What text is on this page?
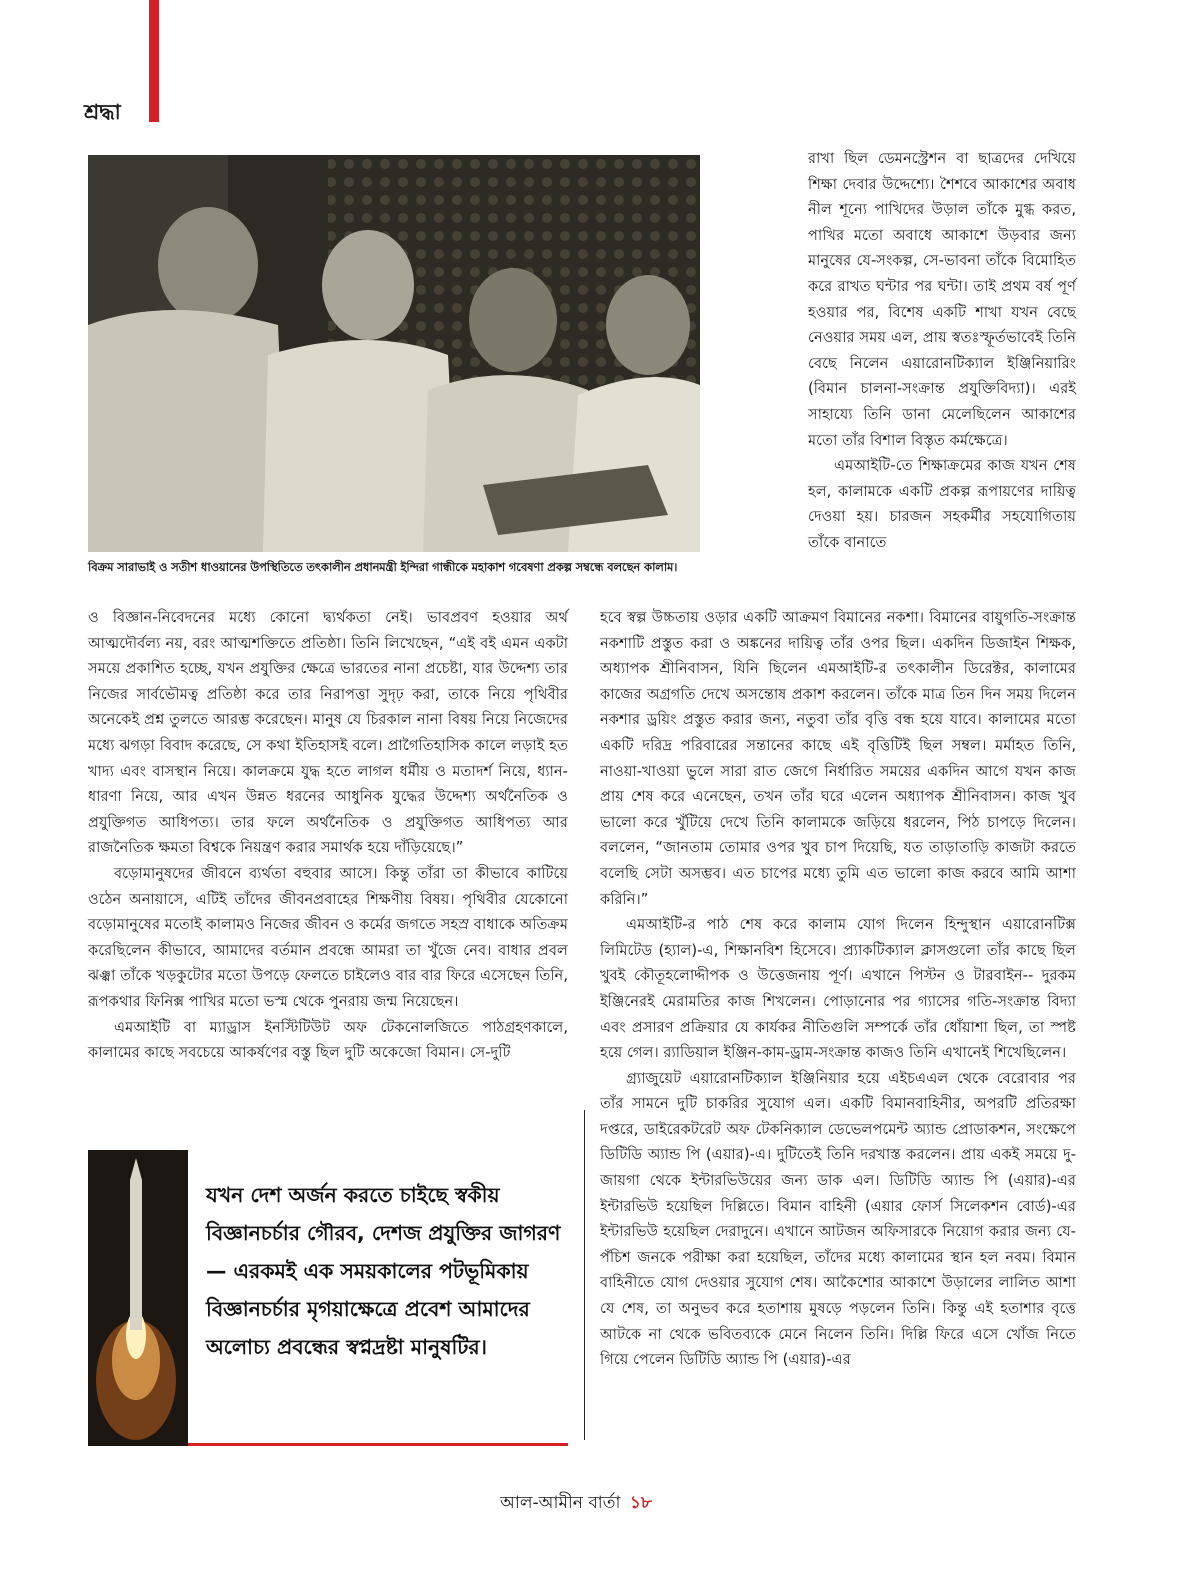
শ্রদ্ধা
বিক্রম সারাভাই ও সতীশ ধাওয়ানের উপস্থিতিতে তৎকালীন প্রধানমন্ত্রী ইন্দিরা গান্ধীকে মহাকাশ গবেষণা প্রকল্প সম্বন্ধে বলছেন কালাম।

রাখা ছিল ডেমনস্ট্রেশন বা ছাত্রদের দেখিয়ে শিক্ষা দেবার উদ্দেশ্যে। শৈশবে আকাশের অবাধ নীল শূন্যে পাখিদের উড়াল তাঁকে মুগ্ধ করত, পাখির মতো অবাধে আকাশে উড়বার জন্য মানুষের যে-সংকল্প, সে-ভাবনা তাঁকে বিমোহিত করে রাখত ঘন্টার পর ঘন্টা। তাই প্রথম বর্ষ পূর্ণ হওয়ার পর, বিশেষ একটি শাখা যখন বেছে নেওয়ার সময় এল, প্রায় স্বতঃস্ফূর্তভাবেই তিনি বেছে নিলেন এয়ারোনটিক্যাল ইঞ্জিনিয়ারিং (বিমান চালনা-সংক্রান্ত প্রযুক্তিবিদ্যা)। এরই সাহায্যে তিনি ডানা মেলেছিলেন আকাশের মতো তাঁর বিশাল বিস্তৃত কর্মক্ষেত্রে।

এমআইটি-তে শিক্ষাক্রমের কাজ যখন শেষ হল, কালামকে একটি প্রকল্প রূপায়ণের দায়িত্ব দেওয়া হয়। চারজন সহকর্মীর সহযোগিতায় তাঁকে বানাতে

ও বিজ্ঞান-নিবেদনের মধ্যে কোনো দ্ব্যর্থকতা নেই। ভাবপ্রবণ হওয়ার অর্থ আত্মদৌর্বল্য নয়, বরং আত্মশক্তিতে প্রতিষ্ঠা। তিনি লিখেছেন, “এই বই এমন একটা সময়ে প্রকাশিত হচ্ছে, যখন প্রযুক্তির ক্ষেত্রে ভারতের নানা প্রচেষ্টা, যার উদ্দেশ্য তার নিজের সার্বভৌমত্ব প্রতিষ্ঠা করে তার নিরাপত্তা সুদৃঢ় করা, তাকে নিয়ে পৃথিবীর অনেকেই প্রশ্ন তুলতে আরম্ভ করেছেন। মানুষ যে চিরকাল নানা বিষয় নিয়ে নিজেদের মধ্যে ঝগড়া বিবাদ করেছে, সে কথা ইতিহাসই বলে। প্রাগৈতিহাসিক কালে লড়াই হত খাদ্য এবং বাসস্থান নিয়ে। কালক্রমে যুদ্ধ হতে লাগল ধর্মীয় ও মতাদর্শ নিয়ে, ধ্যান-ধারণা নিয়ে, আর এখন উন্নত ধরনের আধুনিক যুদ্ধের উদ্দেশ্য অর্থনৈতিক ও প্রযুক্তিগত আধিপত্য। তার ফলে অর্থনৈতিক ও প্রযুক্তিগত আধিপত্য আর রাজনৈতিক ক্ষমতা বিশ্বকে নিয়ন্ত্রণ করার সমার্থক হয়ে দাঁড়িয়েছে।”

বড়োমানুষদের জীবনে ব্যর্থতা বহুবার আসে। কিন্তু তাঁরা তা কীভাবে কাটিয়ে ওঠেন অনায়াসে, এটিই তাঁদের জীবনপ্রবাহের শিক্ষণীয় বিষয়। পৃথিবীর যেকোনো বড়োমানুষের মতোই কালামও নিজের জীবন ও কর্মের জগতে সহস্র বাধাকে অতিক্রম করেছিলেন কীভাবে, আমাদের বর্তমান প্রবন্ধে আমরা তা খুঁজে নেব। বাধার প্রবল ঝঞ্ঝা তাঁকে খড়কুটোর মতো উপড়ে ফেলতে চাইলেও বার বার ফিরে এসেছেন তিনি, রূপকথার ফিনিক্স পাখির মতো ভস্ম থেকে পুনরায় জন্ম নিয়েছেন।

এমআইটি বা ম্যাড্রাস ইনস্টিটিউট অফ টেকনোলজিতে পাঠগ্রহণকালে, কালামের কাছে সবচেয়ে আকর্ষণের বস্তু ছিল দুটি অকেজো বিমান। সে-দুটি

হবে স্বল্প উচ্চতায় ওড়ার একটি আক্রমণ বিমানের নকশা। বিমানের বায়ুগতি-সংক্রান্ত নকশাটি প্রস্তুত করা ও অঙ্কনের দায়িত্ব তাঁর ওপর ছিল। একদিন ডিজাইন শিক্ষক, অধ্যাপক শ্রীনিবাসন, যিনি ছিলেন এমআইটি-র তৎকালীন ডিরেক্টর, কালামের কাজের অগ্রগতি দেখে অসন্তোষ প্রকাশ করলেন। তাঁকে মাত্র তিন দিন সময় দিলেন নকশার ড্রয়িং প্রস্তুত করার জন্য, নতুবা তাঁর বৃত্তি বন্ধ হয়ে যাবে। কালামের মতো একটি দরিদ্র পরিবারের সন্তানের কাছে এই বৃত্তিটিই ছিল সম্বল। মর্মাহত তিনি, নাওয়া-খাওয়া ভুলে সারা রাত জেগে নির্ধারিত সময়ের একদিন আগে যখন কাজ প্রায় শেষ করে এনেছেন, তখন তাঁর ঘরে এলেন অধ্যাপক শ্রীনিবাসন। কাজ খুব ভালো করে খুঁটিয়ে দেখে তিনি কালামকে জড়িয়ে ধরলেন, পিঠ চাপড়ে দিলেন। বললেন, “জানতাম তোমার ওপর খুব চাপ দিয়েছি, যত তাড়াতাড়ি কাজটা করতে বলেছি সেটা অসম্ভব। এত চাপের মধ্যে তুমি এত ভালো কাজ করবে আমি আশা করিনি।”

এমআইটি-র পাঠ শেষ করে কালাম যোগ দিলেন হিন্দুস্থান এয়ারোনটিক্স লিমিটেড (হ্যাল)-এ, শিক্ষানবিশ হিসেবে। প্র্যাকটিক্যাল ক্লাসগুলো তাঁর কাছে ছিল খুবই কৌতূহলোদ্দীপক ও উত্তেজনায় পূর্ণ। এখানে পিস্টন ও টারবাইন-- দুরকম ইঞ্জিনেরই মেরামতির কাজ শিখলেন। পোড়ানোর পর গ্যাসের গতি-সংক্রান্ত বিদ্যা এবং প্রসারণ প্রক্রিয়ার যে কার্যকর নীতিগুলি সম্পর্কে তাঁর ধোঁয়াশা ছিল, তা স্পষ্ট হয়ে গেল। র‍্যাডিয়াল ইঞ্জিন-কাম-ড্রাম-সংক্রান্ত কাজও তিনি এখানেই শিখেছিলেন।

গ্র্যাজুয়েট এয়ারোনটিক্যাল ইঞ্জিনিয়ার হয়ে এইচএএল থেকে বেরোবার পর তাঁর সামনে দুটি চাকরির সুযোগ এল। একটি বিমানবাহিনীর, অপরটি প্রতিরক্ষা দপ্তরে, ডাইরেকটরেট অফ টেকনিক্যাল ডেভেলপমেন্ট অ্যান্ড প্রোডাকশন, সংক্ষেপে ডিটিডি অ্যান্ড পি (এয়ার)-এ। দুটিতেই তিনি দরখাস্ত করলেন। প্রায় একই সময়ে দু-জায়গা থেকে ইন্টারভিউয়ের জন্য ডাক এল। ডিটিডি অ্যান্ড পি (এয়ার)-এর ইন্টারভিউ হয়েছিল দিল্লিতে। বিমান বাহিনী (এয়ার ফোর্স সিলেকশন বোর্ড)-এর ইন্টারভিউ হয়েছিল দেরাদুনে। এখানে আটজন অফিসারকে নিয়োগ করার জন্য যে-পঁচিশ জনকে পরীক্ষা করা হয়েছিল, তাঁদের মধ্যে কালামের স্থান হল নবম। বিমান বাহিনীতে যোগ দেওয়ার সুযোগ শেষ। আকৈশোর আকাশে উড়ালের লালিত আশা যে শেষ, তা অনুভব করে হতাশায় মুষড়ে পড়লেন তিনি। কিন্তু এই হতাশার বৃত্তে আটকে না থেকে ভবিতব্যকে মেনে নিলেন তিনি। দিল্লি ফিরে এসে খোঁজ নিতে গিয়ে পেলেন ডিটিডি অ্যান্ড পি (এয়ার)-এর

যখন দেশ অর্জন করতে চাইছে স্বকীয় বিজ্ঞানচর্চার গৌরব, দেশজ প্রযুক্তির জাগরণ— এরকমই এক সময়কালের পটভূমিকায় বিজ্ঞানচর্চার মৃগয়াক্ষেত্রে প্রবেশ আমাদের অলোচ্য প্রবন্ধের স্বপ্নদ্রষ্টা মানুষটির।
আল-আমীন বার্তা ১৮
